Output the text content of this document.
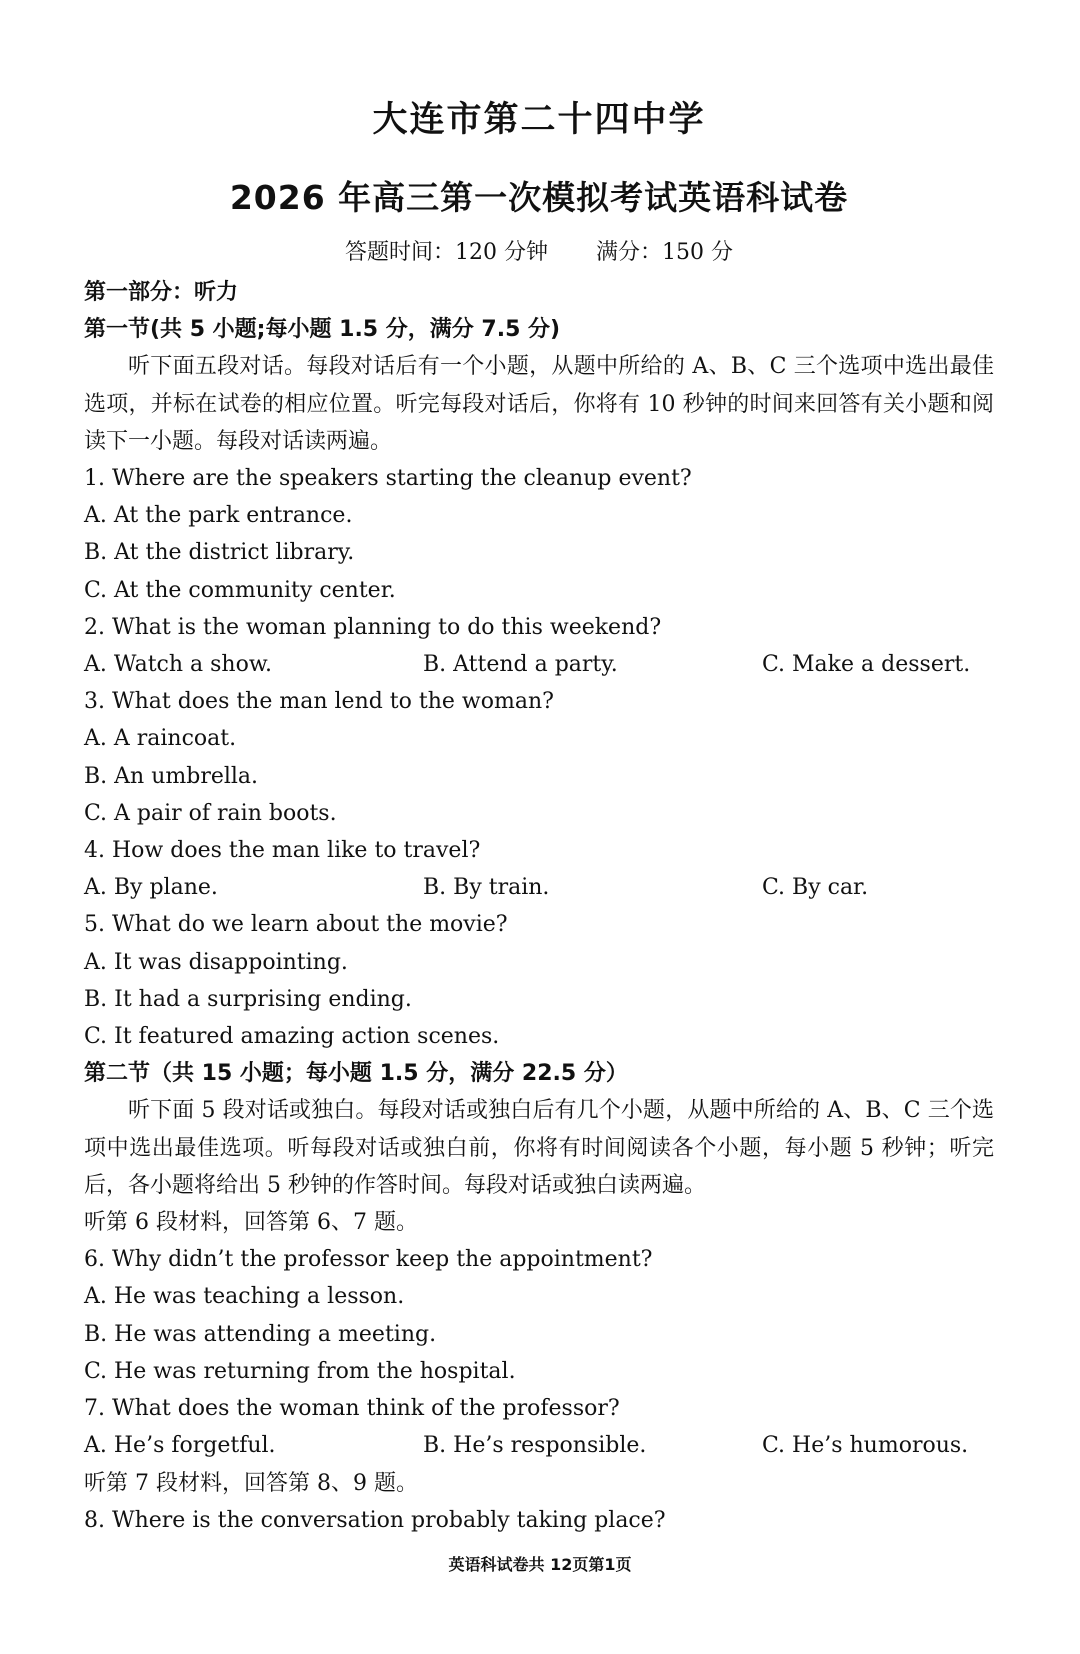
大连市第二十四中学
2026 年高三第一次模拟考试英语科试卷
答题时间：120 分钟 满分：150 分
第一部分：听力
第一节(共 5 小题;每小题 1.5 分，满分 7.5 分)
听下面五段对话。每段对话后有一个小题，从题中所给的 A、B、C 三个选项中选出最佳选项，并标在试卷的相应位置。听完每段对话后，你将有 10 秒钟的时间来回答有关小题和阅读下一小题。每段对话读两遍。
1. Where are the speakers starting the cleanup event?
A. At the park entrance.
B. At the district library.
C. At the community center.
2. What is the woman planning to do this weekend?
A. Watch a show.	B. Attend a party.	C. Make a dessert.
3. What does the man lend to the woman?
A. A raincoat.
B. An umbrella.
C. A pair of rain boots.
4. How does the man like to travel?
A. By plane.	B. By train.	C. By car.
5. What do we learn about the movie?
A. It was disappointing.
B. It had a surprising ending.
C. It featured amazing action scenes.
第二节（共 15 小题；每小题 1.5 分，满分 22.5 分）
听下面 5 段对话或独白。每段对话或独白后有几个小题，从题中所给的 A、B、C 三个选项中选出最佳选项。听每段对话或独白前，你将有时间阅读各个小题，每小题 5 秒钟；听完后，各小题将给出 5 秒钟的作答时间。每段对话或独白读两遍。
听第 6 段材料，回答第 6、7 题。
6. Why didn’t the professor keep the appointment?
A. He was teaching a lesson.
B. He was attending a meeting.
C. He was returning from the hospital.
7. What does the woman think of the professor?
A. He’s forgetful.	B. He’s responsible.	C. He’s humorous.
听第 7 段材料，回答第 8、9 题。
8. Where is the conversation probably taking place?
英语科试卷共 12页第1页
